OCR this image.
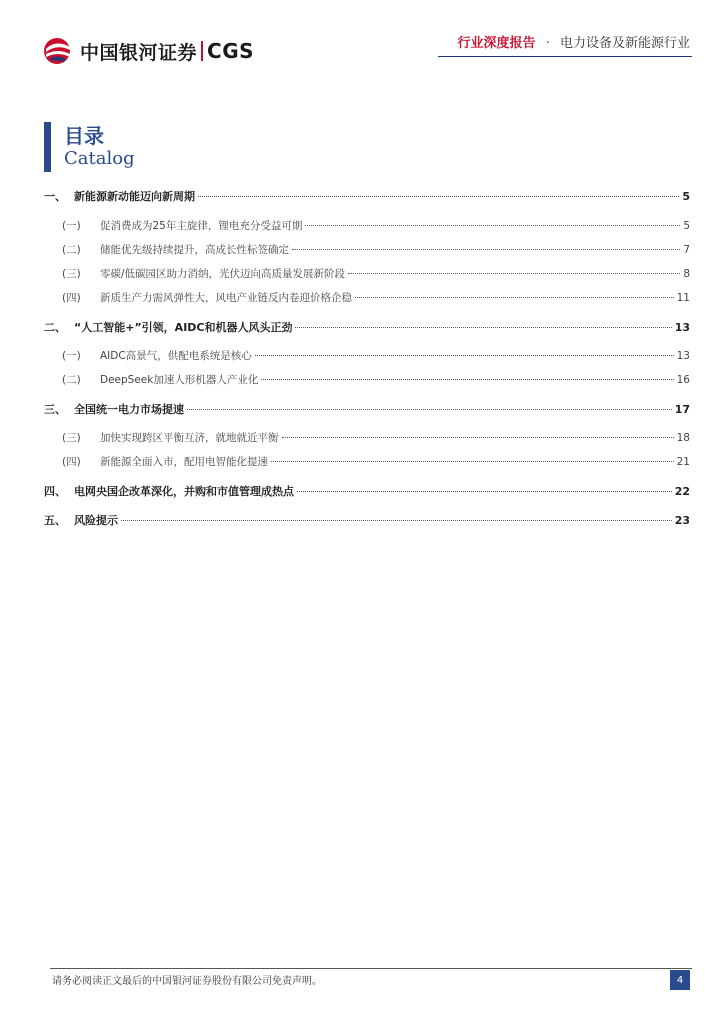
中国银河证券 CGS	行业深度报告 · 电力设备及新能源行业
目录
Catalog
一、 新能源新动能迈向新周期	5
(一)	促消费成为25年主旋律，锂电充分受益可期	5
(二)	储能优先级持续提升，高成长性标签确定	7
(三)	零碳/低碳园区助力消纳，光伏迈向高质量发展新阶段	8
(四)	新质生产力需风弹性大，风电产业链反内卷迎价格企稳	11
二、 “人工智能+”引领，AIDC和机器人风头正劲	13
(一)	AIDC高景气，供配电系统是核心	13
(二)	DeepSeek加速人形机器人产业化	16
三、 全国统一电力市场提速	17
(三)	加快实现跨区平衡互济，就地就近平衡	18
(四)	新能源全面入市，配用电智能化提速	21
四、 电网央国企改革深化，并购和市值管理成热点	22
五、 风险提示	23
请务必阅读正文最后的中国银河证券股份有限公司免责声明。	4
